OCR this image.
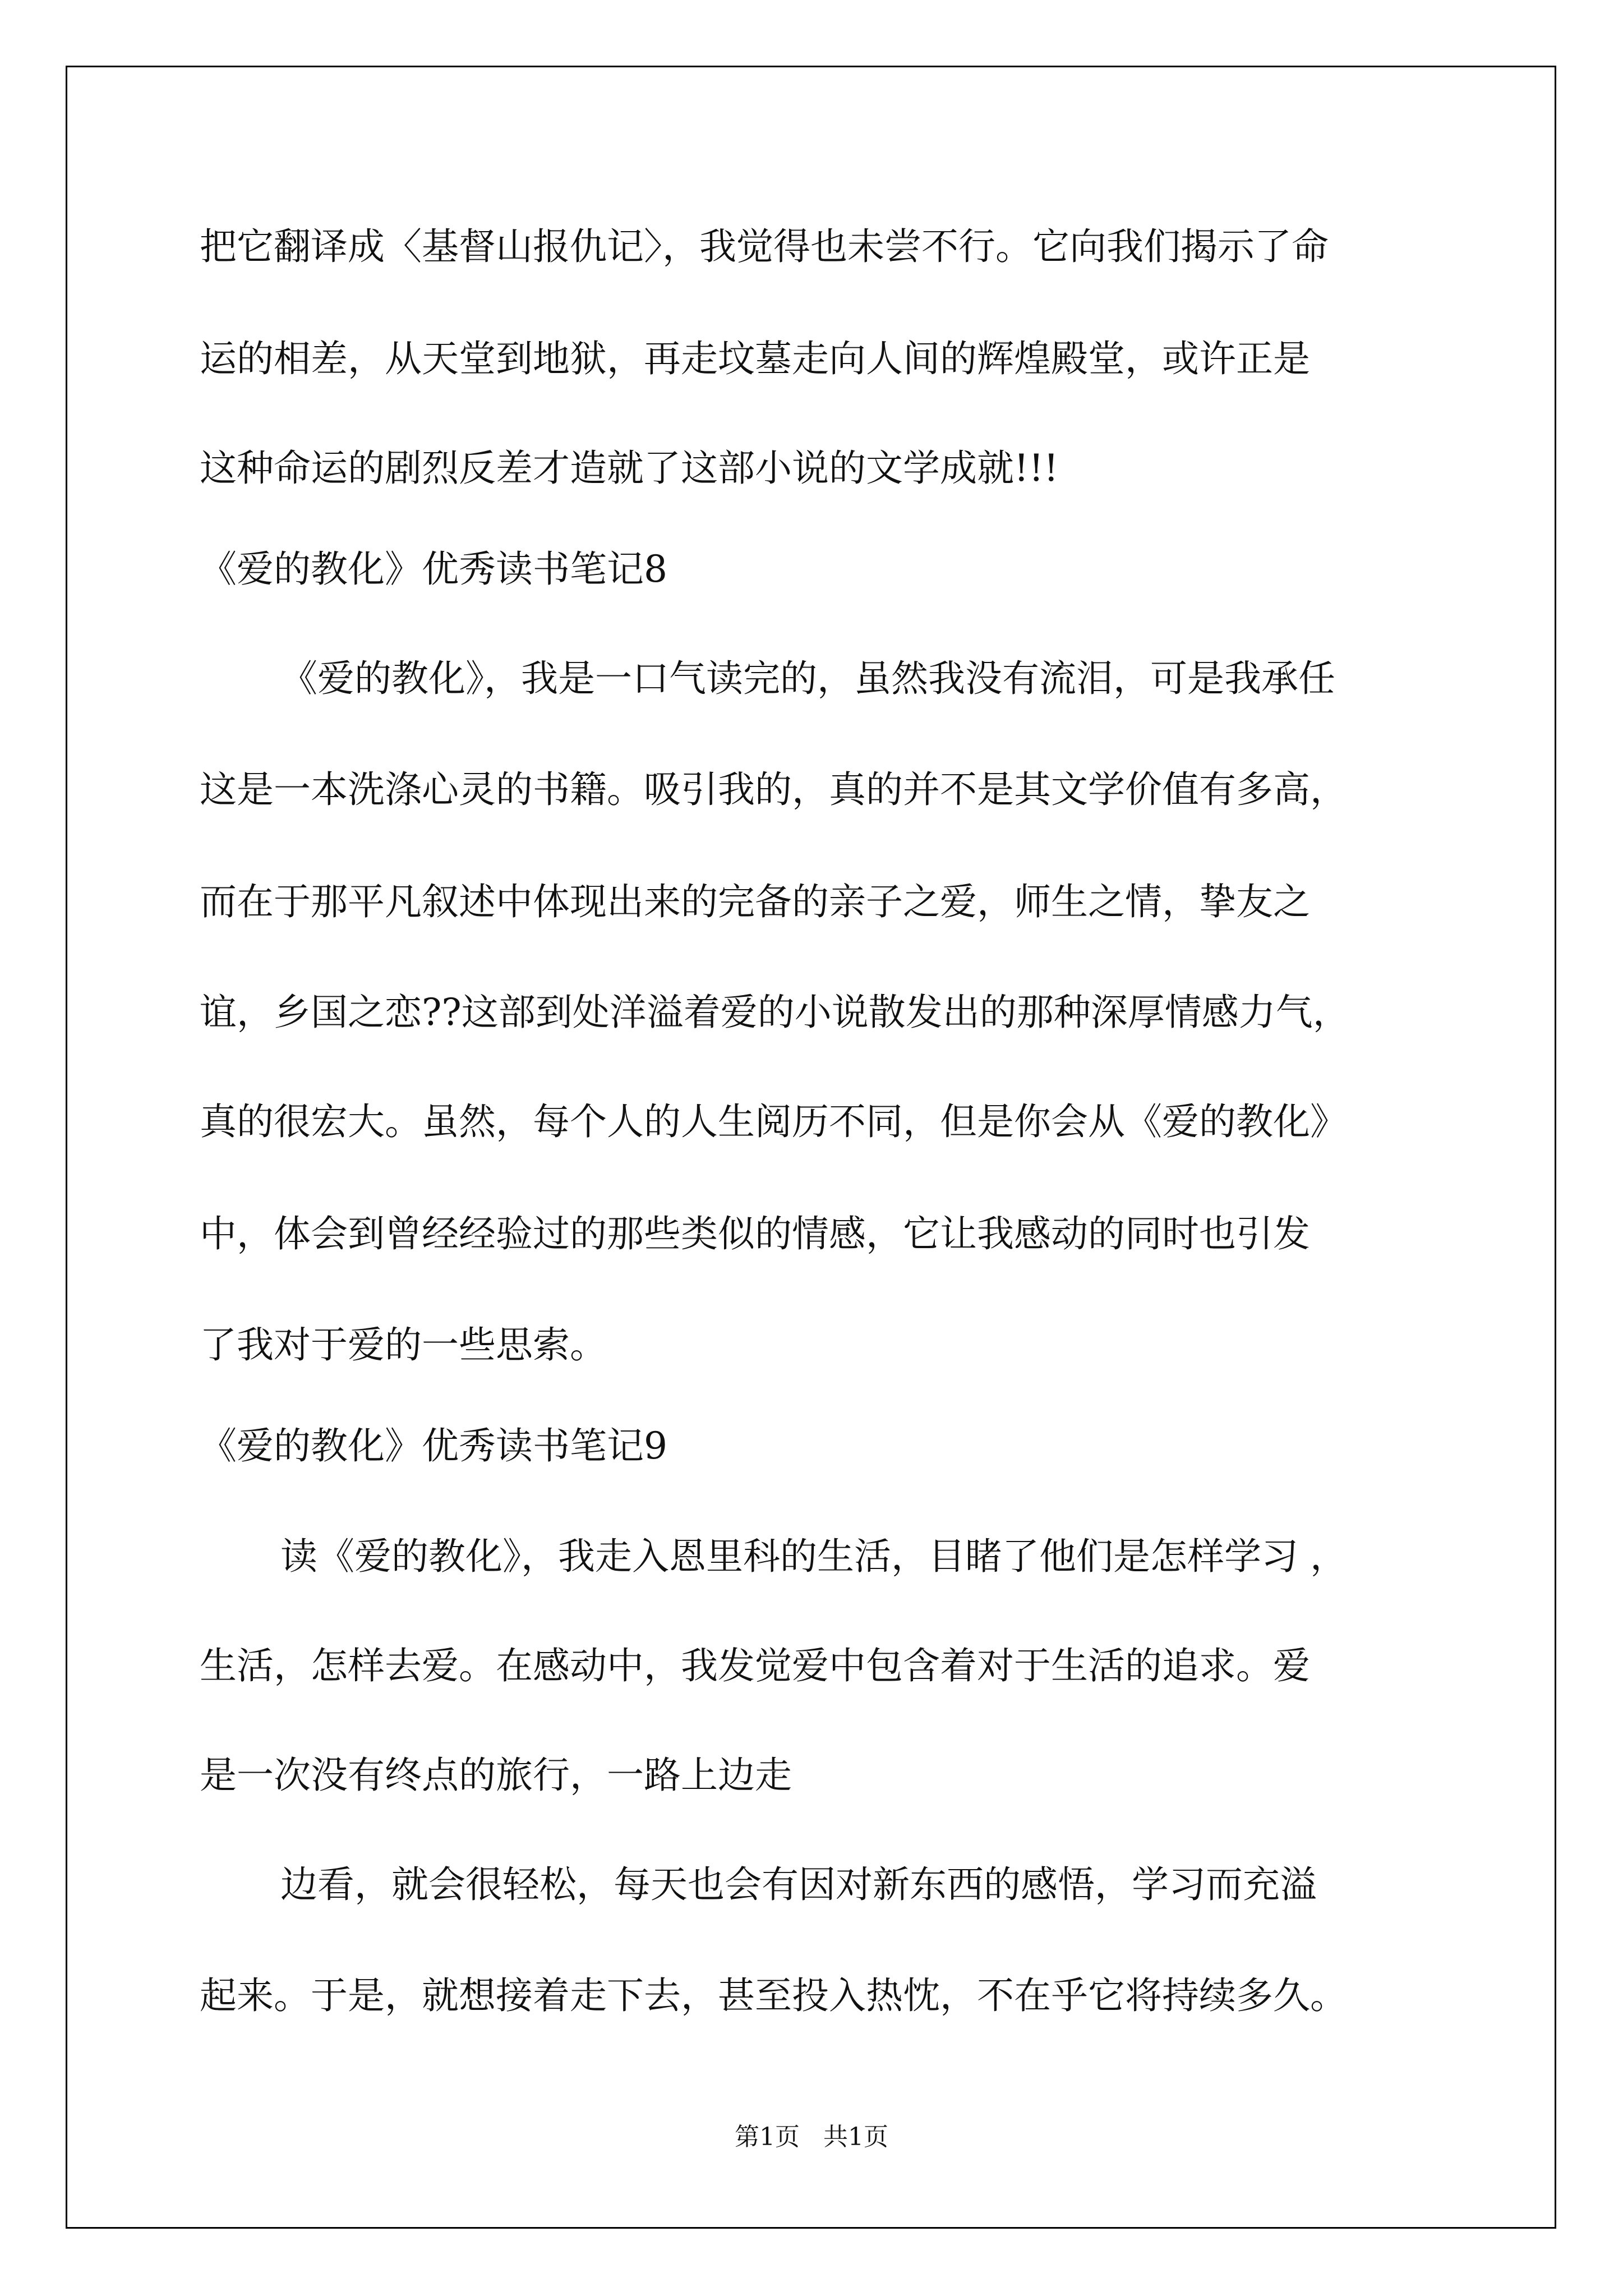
把它翻译成〈基督山报仇记〉，我觉得也未尝不行。它向我们揭示了命

运的相差，从天堂到地狱，再走坟墓走向人间的辉煌殿堂，或许正是

这种命运的剧烈反差才造就了这部小说的文学成就!!!

《爱的教化》优秀读书笔记8

《爱的教化》，我是一口气读完的，虽然我没有流泪，可是我承任

这是一本洗涤心灵的书籍。吸引我的，真的并不是其文学价值有多高，

而在于那平凡叙述中体现出来的完备的亲子之爱，师生之情，挚友之

谊，乡国之恋??这部到处洋溢着爱的小说散发出的那种深厚情感力气，

真的很宏大。虽然，每个人的人生阅历不同，但是你会从《爱的教化》

中，体会到曾经经验过的那些类似的情感，它让我感动的同时也引发

了我对于爱的一些思索。

《爱的教化》优秀读书笔记9

读《爱的教化》，我走入恩里科的生活，目睹了他们是怎样学习 ，

生活，怎样去爱。在感动中，我发觉爱中包含着对于生活的追求。爱

是一次没有终点的旅行，一路上边走

边看，就会很轻松，每天也会有因对新东西的感悟，学习而充溢

起来。于是，就想接着走下去，甚至投入热忱，不在乎它将持续多久。

第1页   共1页
